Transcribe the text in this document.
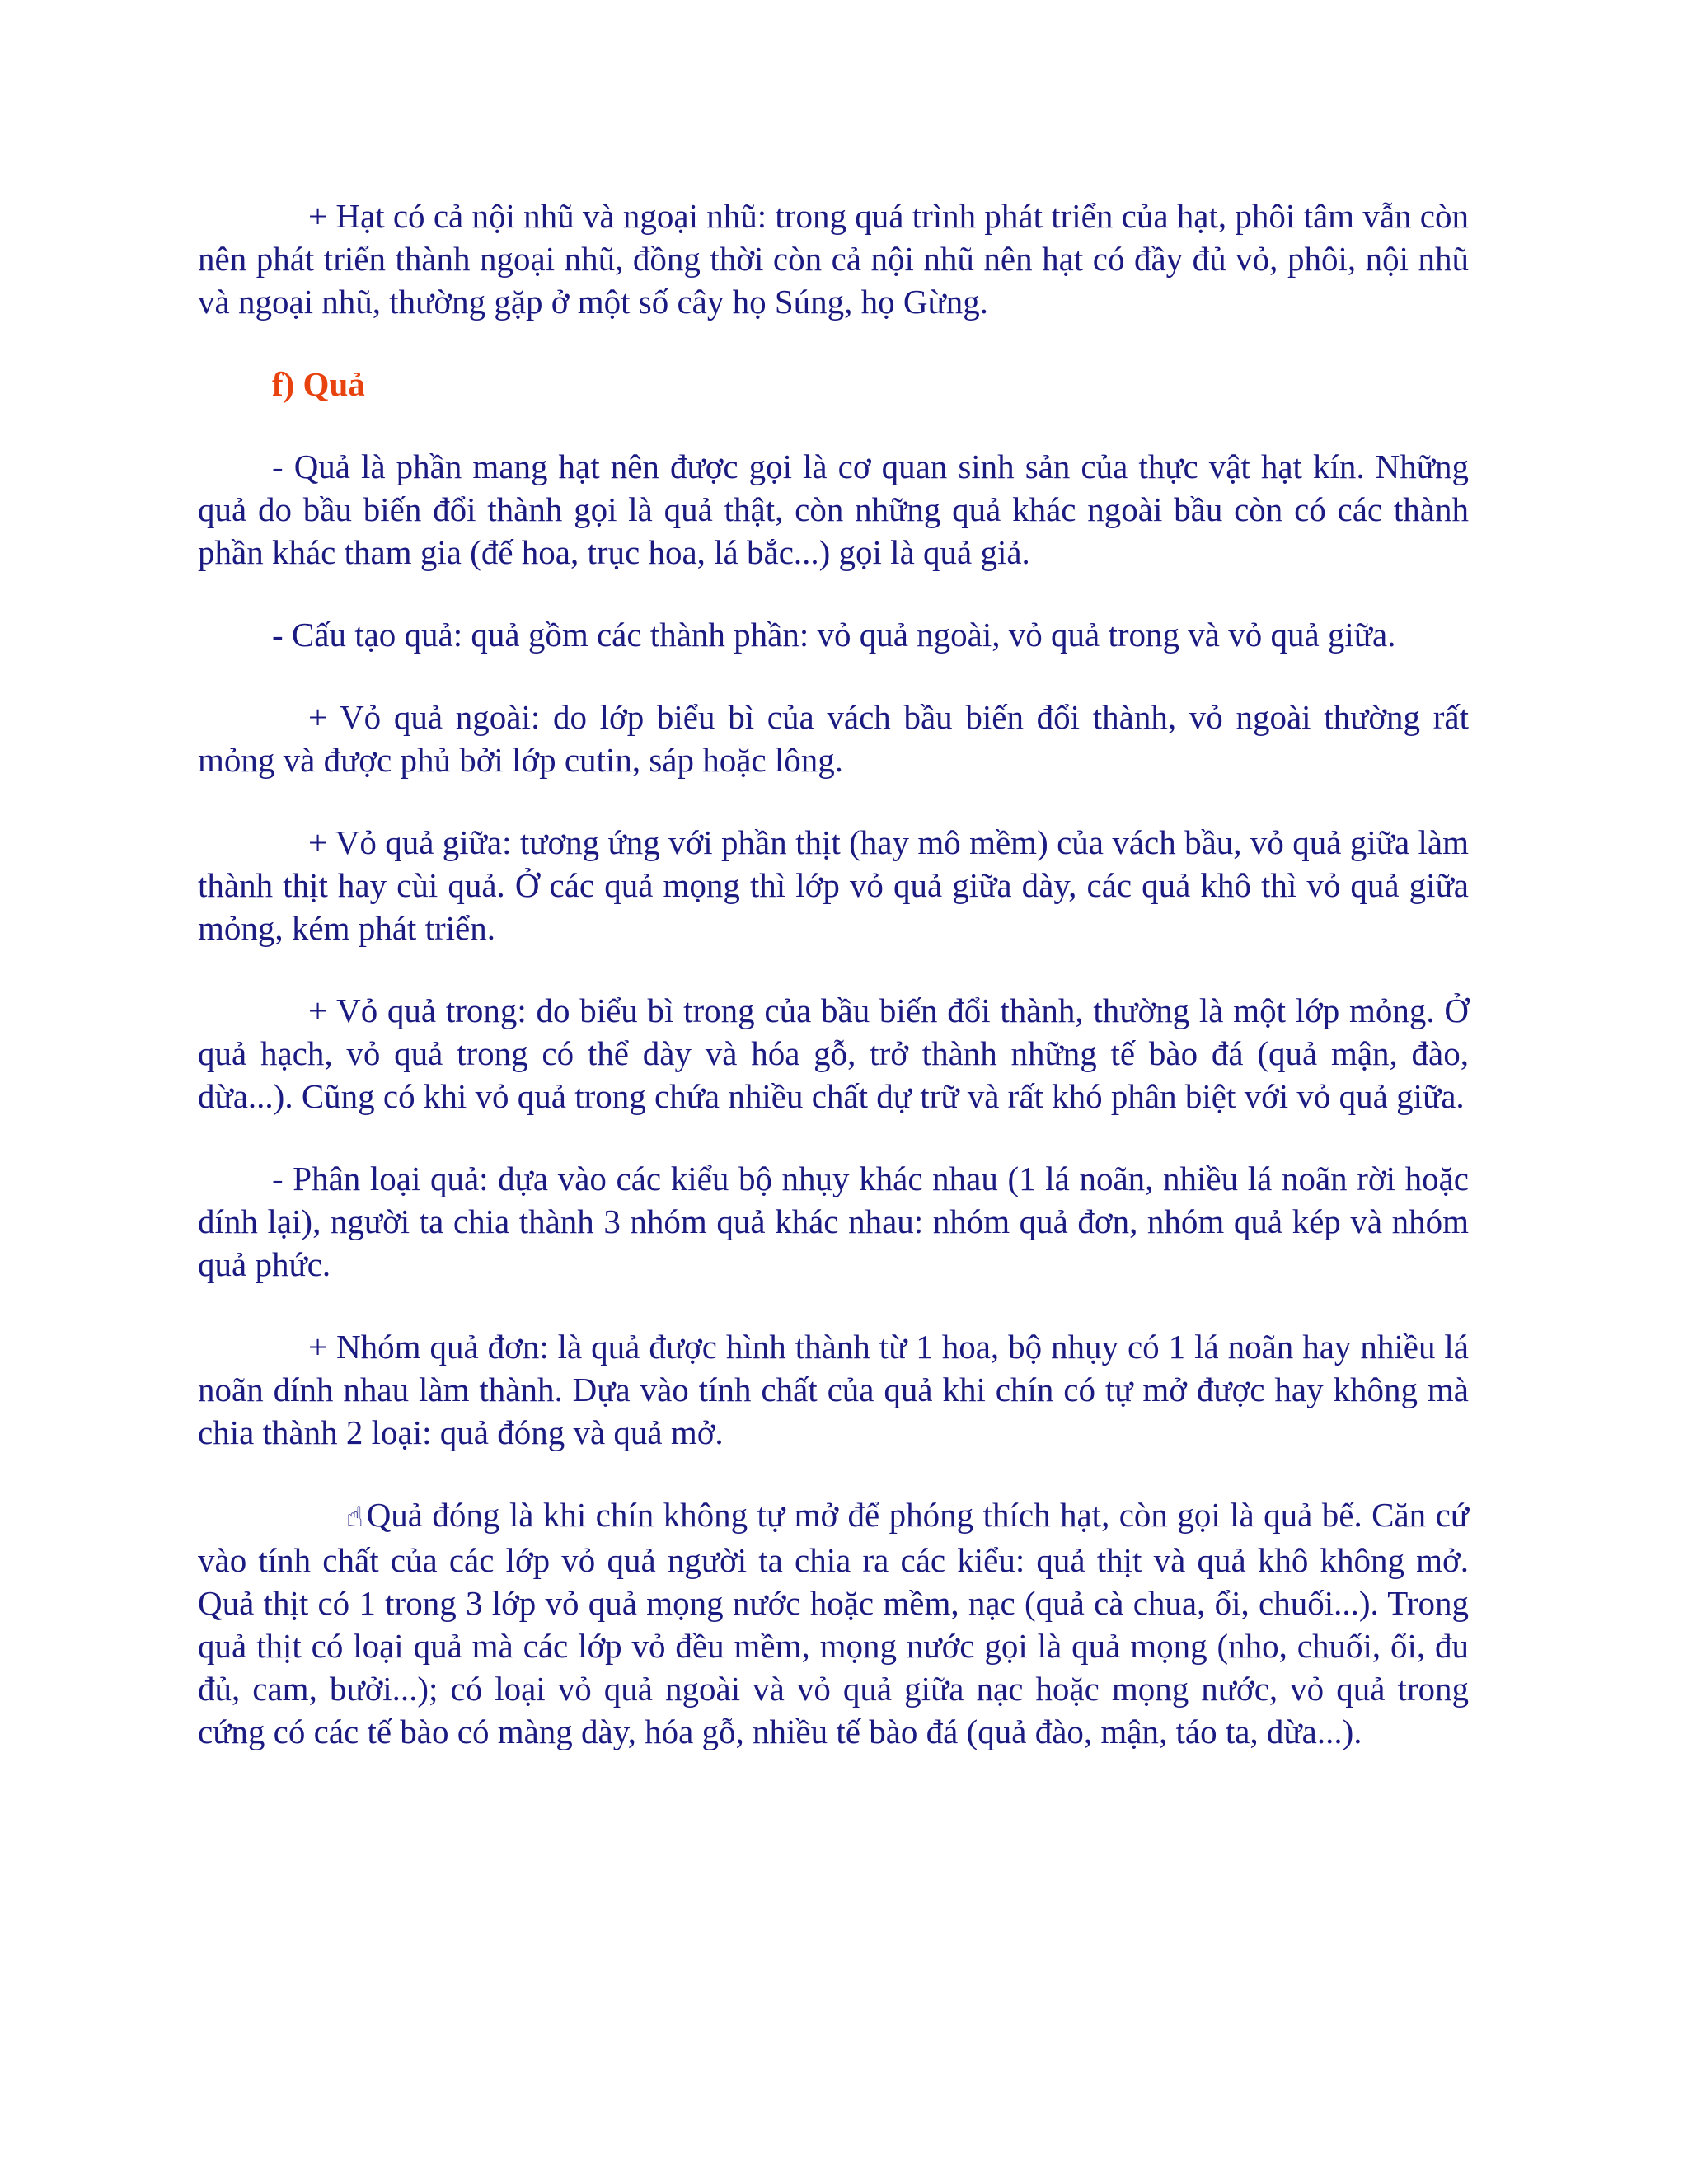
+ Hạt có cả nội nhũ và ngoại nhũ: trong quá trình phát triển của hạt, phôi tâm vẫn còn nên phát triển thành ngoại nhũ, đồng thời còn cả nội nhũ nên hạt có đầy đủ vỏ, phôi, nội nhũ và ngoại nhũ, thường gặp ở một số cây họ Súng, họ Gừng.

f) Quả

- Quả là phần mang hạt nên được gọi là cơ quan sinh sản của thực vật hạt kín. Những quả do bầu biến đổi thành gọi là quả thật, còn những quả khác ngoài bầu còn có các thành phần khác tham gia (đế hoa, trục hoa, lá bắc...) gọi là quả giả.

- Cấu tạo quả: quả gồm các thành phần: vỏ quả ngoài, vỏ quả trong và vỏ quả giữa.

+ Vỏ quả ngoài: do lớp biểu bì của vách bầu biến đổi thành, vỏ ngoài thường rất mỏng và được phủ bởi lớp cutin, sáp hoặc lông.

+ Vỏ quả giữa: tương ứng với phần thịt (hay mô mềm) của vách bầu, vỏ quả giữa làm thành thịt hay cùi quả. Ở các quả mọng thì lớp vỏ quả giữa dày, các quả khô thì vỏ quả giữa mỏng, kém phát triển.

+ Vỏ quả trong: do biểu bì trong của bầu biến đổi thành, thường là một lớp mỏng. Ở quả hạch, vỏ quả trong có thể dày và hóa gỗ, trở thành những tế bào đá (quả mận, đào, dừa...). Cũng có khi vỏ quả trong chứa nhiều chất dự trữ và rất khó phân biệt với vỏ quả giữa.

- Phân loại quả: dựa vào các kiểu bộ nhụy khác nhau (1 lá noãn, nhiều lá noãn rời hoặc dính lại), người ta chia thành 3 nhóm quả khác nhau: nhóm quả đơn, nhóm quả kép và nhóm quả phức.

+ Nhóm quả đơn: là quả được hình thành từ 1 hoa, bộ nhụy có 1 lá noãn hay nhiều lá noãn dính nhau làm thành. Dựa vào tính chất của quả khi chín có tự mở được hay không mà chia thành 2 loại: quả đóng và quả mở.

☝Quả đóng là khi chín không tự mở để phóng thích hạt, còn gọi là quả bế. Căn cứ vào tính chất của các lớp vỏ quả người ta chia ra các kiểu: quả thịt và quả khô không mở. Quả thịt có 1 trong 3 lớp vỏ quả mọng nước hoặc mềm, nạc (quả cà chua, ổi, chuối...). Trong quả thịt có loại quả mà các lớp vỏ đều mềm, mọng nước gọi là quả mọng (nho, chuối, ổi, đu đủ, cam, bưởi...); có loại vỏ quả ngoài và vỏ quả giữa nạc hoặc mọng nước, vỏ quả trong cứng có các tế bào có màng dày, hóa gỗ, nhiều tế bào đá (quả đào, mận, táo ta, dừa...).
